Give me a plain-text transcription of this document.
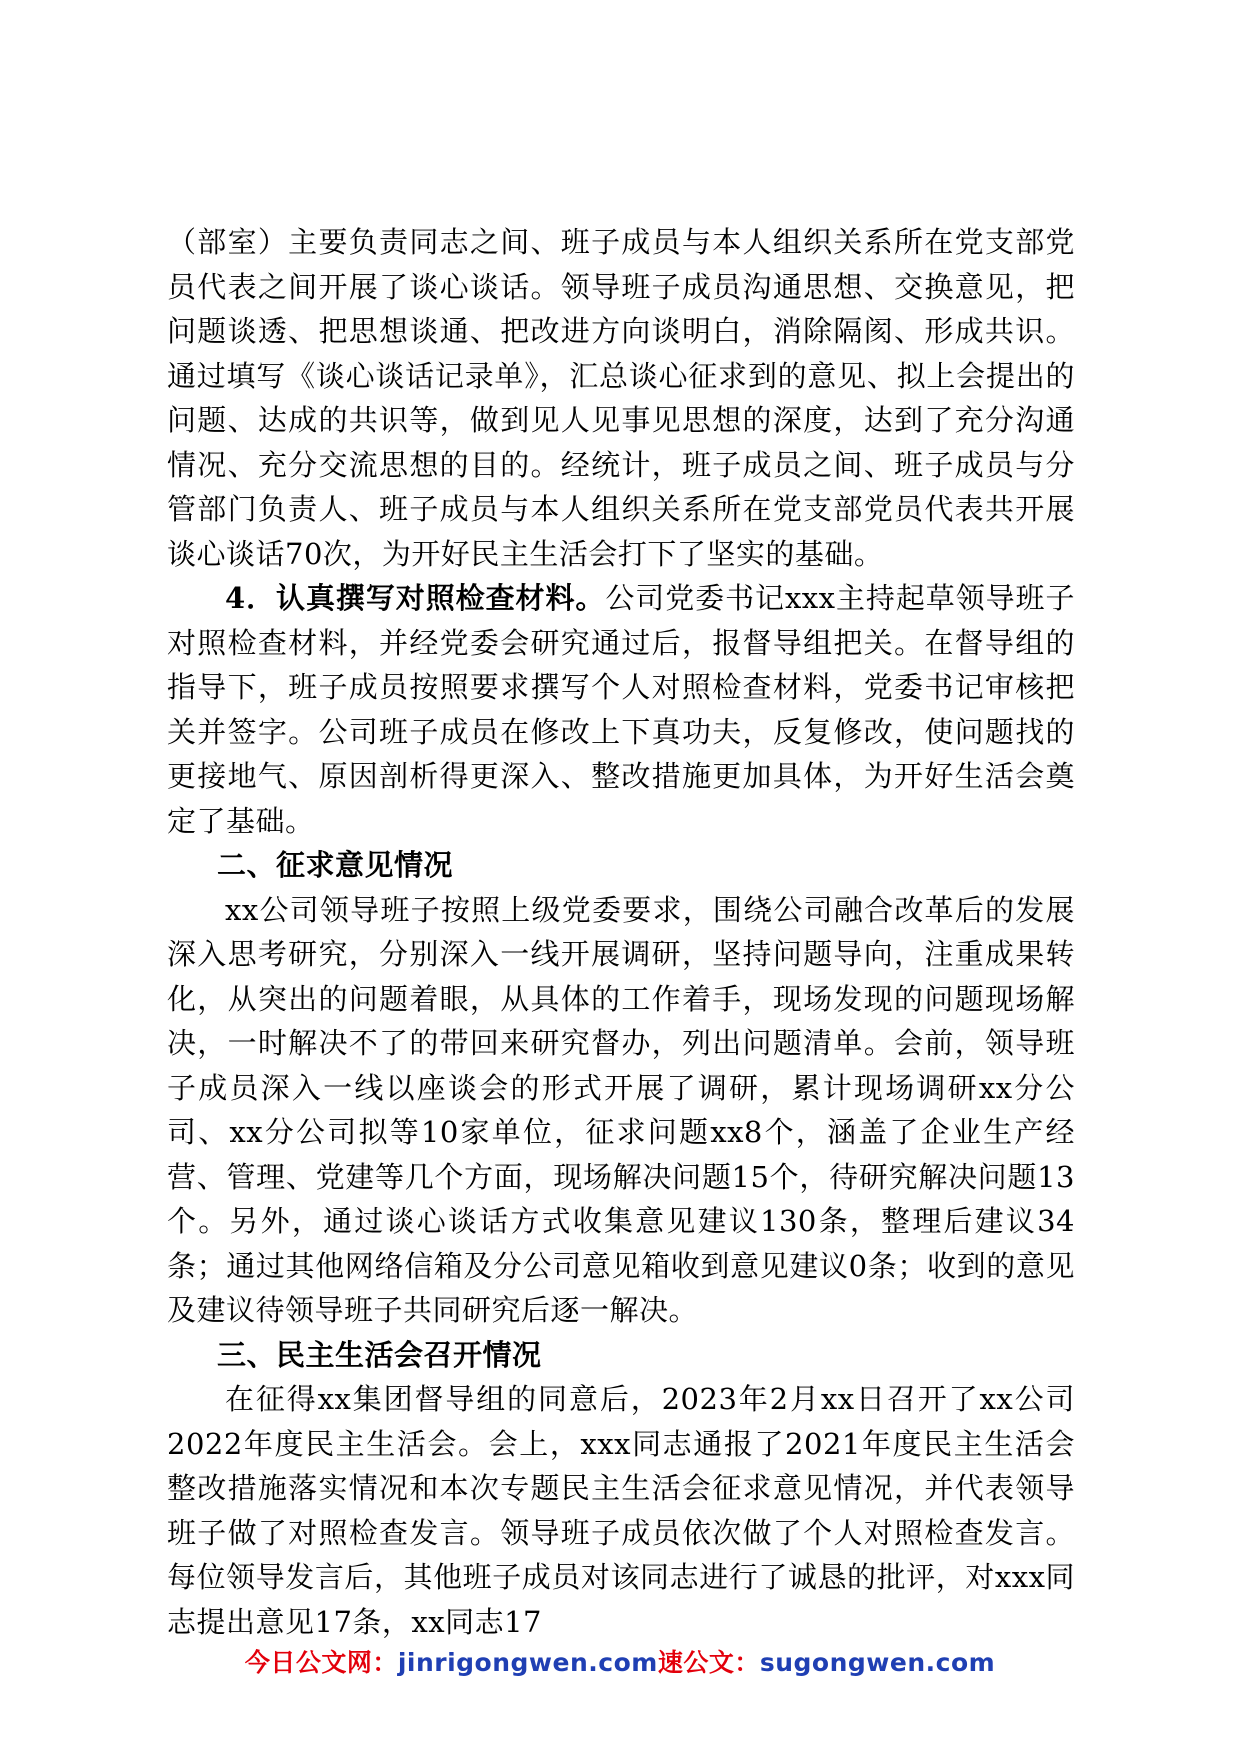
（部室）主要负责同志之间、班子成员与本人组织关系所在党支部党员代表之间开展了谈心谈话。领导班子成员沟通思想、交换意见，把问题谈透、把思想谈通、把改进方向谈明白，消除隔阂、形成共识。通过填写《谈心谈话记录单》，汇总谈心征求到的意见、拟上会提出的问题、达成的共识等，做到见人见事见思想的深度，达到了充分沟通情况、充分交流思想的目的。经统计，班子成员之间、班子成员与分管部门负责人、班子成员与本人组织关系所在党支部党员代表共开展谈心谈话70次，为开好民主生活会打下了坚实的基础。

4．认真撰写对照检查材料。公司党委书记xxx主持起草领导班子对照检查材料，并经党委会研究通过后，报督导组把关。在督导组的指导下，班子成员按照要求撰写个人对照检查材料，党委书记审核把关并签字。公司班子成员在修改上下真功夫，反复修改，使问题找的更接地气、原因剖析得更深入、整改措施更加具体，为开好生活会奠定了基础。

二、征求意见情况

xx公司领导班子按照上级党委要求，围绕公司融合改革后的发展深入思考研究，分别深入一线开展调研，坚持问题导向，注重成果转化，从突出的问题着眼，从具体的工作着手，现场发现的问题现场解决，一时解决不了的带回来研究督办，列出问题清单。会前，领导班子成员深入一线以座谈会的形式开展了调研，累计现场调研xx分公司、xx分公司拟等10家单位，征求问题xx8个，涵盖了企业生产经营、管理、党建等几个方面，现场解决问题15个，待研究解决问题13个。另外，通过谈心谈话方式收集意见建议130条，整理后建议34条；通过其他网络信箱及分公司意见箱收到意见建议0条；收到的意见及建议待领导班子共同研究后逐一解决。

三、民主生活会召开情况

在征得xx集团督导组的同意后，2023年2月xx日召开了xx公司2022年度民主生活会。会上，xxx同志通报了2021年度民主生活会整改措施落实情况和本次专题民主生活会征求意见情况，并代表领导班子做了对照检查发言。领导班子成员依次做了个人对照检查发言。每位领导发言后，其他班子成员对该同志进行了诚恳的批评，对xxx同志提出意见17条，xx同志17

今日公文网：jinrigongwen.com速公文：sugongwen.com
